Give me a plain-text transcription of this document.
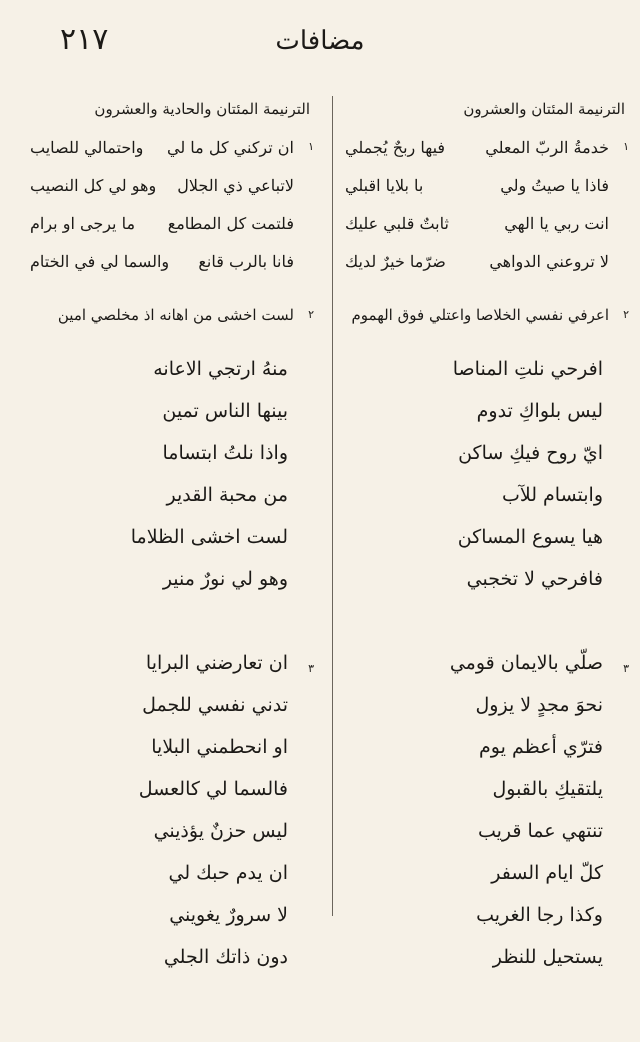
٢١٧	مضافات
الترنيمة المئتان والعشرون
١
خدمةُ الربّ المعلي
فيها ربحٌ يُجملي
فاذا يا صيتُ ولي
با بلايا اقبلي
انت ربي يا الهي
ثابتٌ قلبي عليك
لا تروعني الدواهي
ضرّما خيرٌ لديك
٢
اعرفي نفسي الخلاصا واعتلي فوق الهموم
افرحي نلتِ المناصا
ليس بلواكِ تدوم
ايّ روح فيكِ ساكن
وابتسام للآب
هيا يسوع المساكن
فافرحي لا تخجبي
٣
صلّي بالايمان قومي
نحوَ مجدٍ لا يزول
فترّي أعظم يوم
يلتقيكِ بالقبول
تنتهي عما قريب
كلّ ايام السفر
وكذا رجا الغريب
يستحيل للنظر
الترنيمة المئتان والحادية والعشرون
١
ان تركني كل ما لي
واحتمالي للصايب
لاتباعي ذي الجلال
وهو لي كل النصيب
فلتمت كل المطامع
ما يرجى او برام
فانا بالرب قانع
والسما لي في الختام
٢
لست اخشى من اهانه اذ مخلصي امين
منهُ ارتجي الاعانه
بينها الناس تمين
واذا نلتُ ابتساما
من محبة القدير
لست اخشى الظلاما
وهو لي نورٌ منير
٣
ان تعارضني البرايا
تدني نفسي للجمل
او انحطمني البلايا
فالسما لي كالعسل
ليس حزنٌ يؤذيني
ان يدم حبك لي
لا سرورٌ يغويني
دون ذاتك الجلي
